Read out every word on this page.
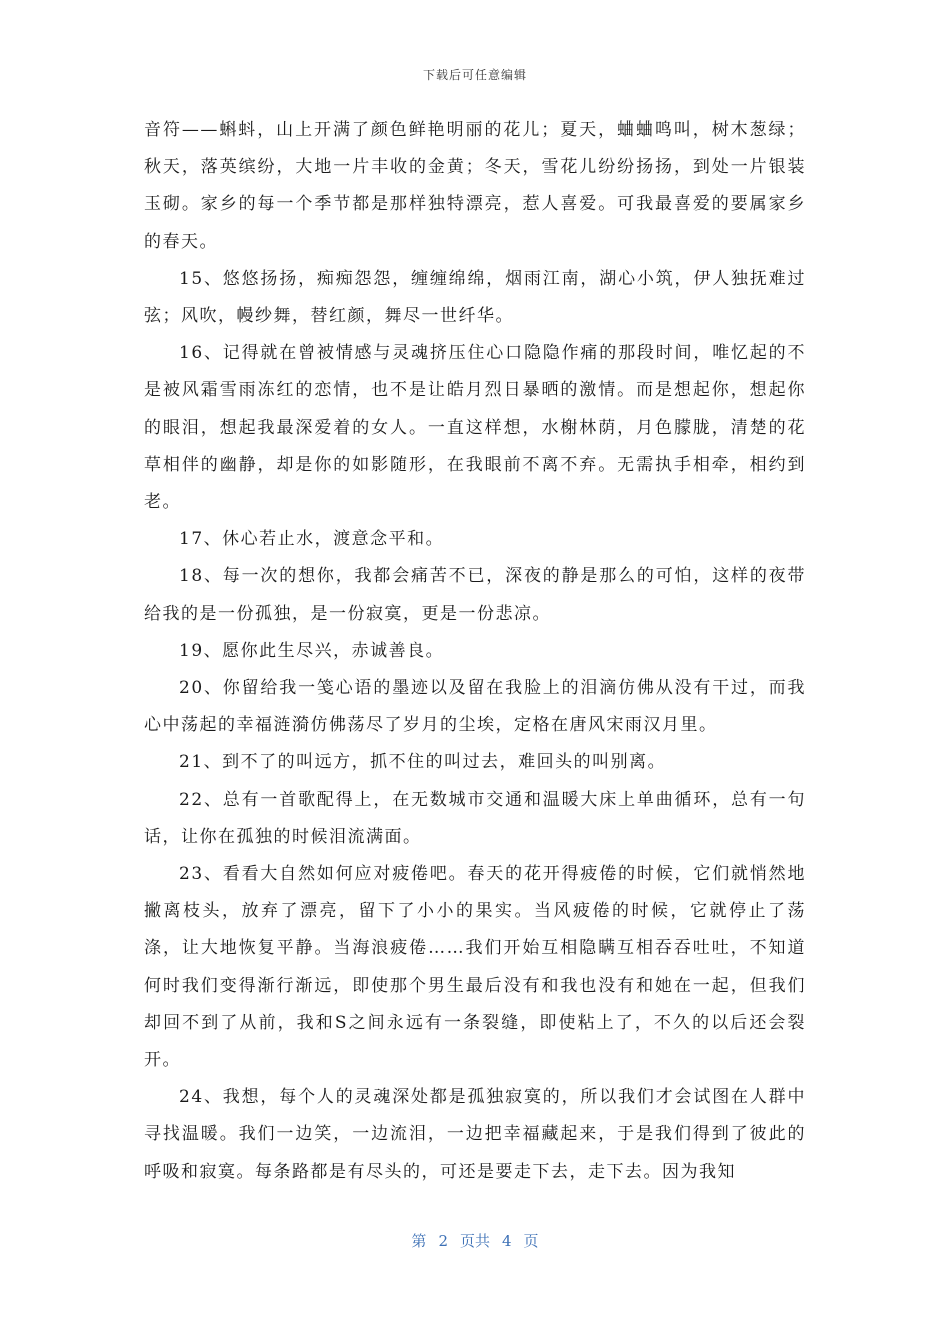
下载后可任意编辑

音符——蝌蚪，山上开满了颜色鲜艳明丽的花儿；夏天，蛐蛐鸣叫，树木葱绿；秋天，落英缤纷，大地一片丰收的金黄；冬天，雪花儿纷纷扬扬，到处一片银装玉砌。家乡的每一个季节都是那样独特漂亮，惹人喜爱。可我最喜爱的要属家乡的春天。

15、悠悠扬扬，痴痴怨怨，缠缠绵绵，烟雨江南，湖心小筑，伊人独抚难过弦；风吹，幔纱舞，替红颜，舞尽一世纤华。

16、记得就在曾被情感与灵魂挤压住心口隐隐作痛的那段时间，唯忆起的不是被风霜雪雨冻红的恋情，也不是让皓月烈日暴晒的激情。而是想起你，想起你的眼泪，想起我最深爱着的女人。一直这样想，水榭林荫，月色朦胧，清楚的花草相伴的幽静，却是你的如影随形，在我眼前不离不弃。无需执手相牵，相约到老。

17、休心若止水，渡意念平和。

18、每一次的想你，我都会痛苦不已，深夜的静是那么的可怕，这样的夜带给我的是一份孤独，是一份寂寞，更是一份悲凉。

19、愿你此生尽兴，赤诚善良。

20、你留给我一笺心语的墨迹以及留在我脸上的泪滴仿佛从没有干过，而我心中荡起的幸福涟漪仿佛荡尽了岁月的尘埃，定格在唐风宋雨汉月里。

21、到不了的叫远方，抓不住的叫过去，难回头的叫别离。

22、总有一首歌配得上，在无数城市交通和温暖大床上单曲循环，总有一句话，让你在孤独的时候泪流满面。

23、看看大自然如何应对疲倦吧。春天的花开得疲倦的时候，它们就悄然地撇离枝头，放弃了漂亮，留下了小小的果实。当风疲倦的时候，它就停止了荡涤，让大地恢复平静。当海浪疲倦……我们开始互相隐瞒互相吞吞吐吐，不知道何时我们变得渐行渐远，即使那个男生最后没有和我也没有和她在一起，但我们却回不到了从前，我和S之间永远有一条裂缝，即使粘上了，不久的以后还会裂开。

24、我想，每个人的灵魂深处都是孤独寂寞的，所以我们才会试图在人群中寻找温暖。我们一边笑，一边流泪，一边把幸福藏起来，于是我们得到了彼此的呼吸和寂寞。每条路都是有尽头的，可还是要走下去，走下去。因为我知

第 2 页共 4 页
